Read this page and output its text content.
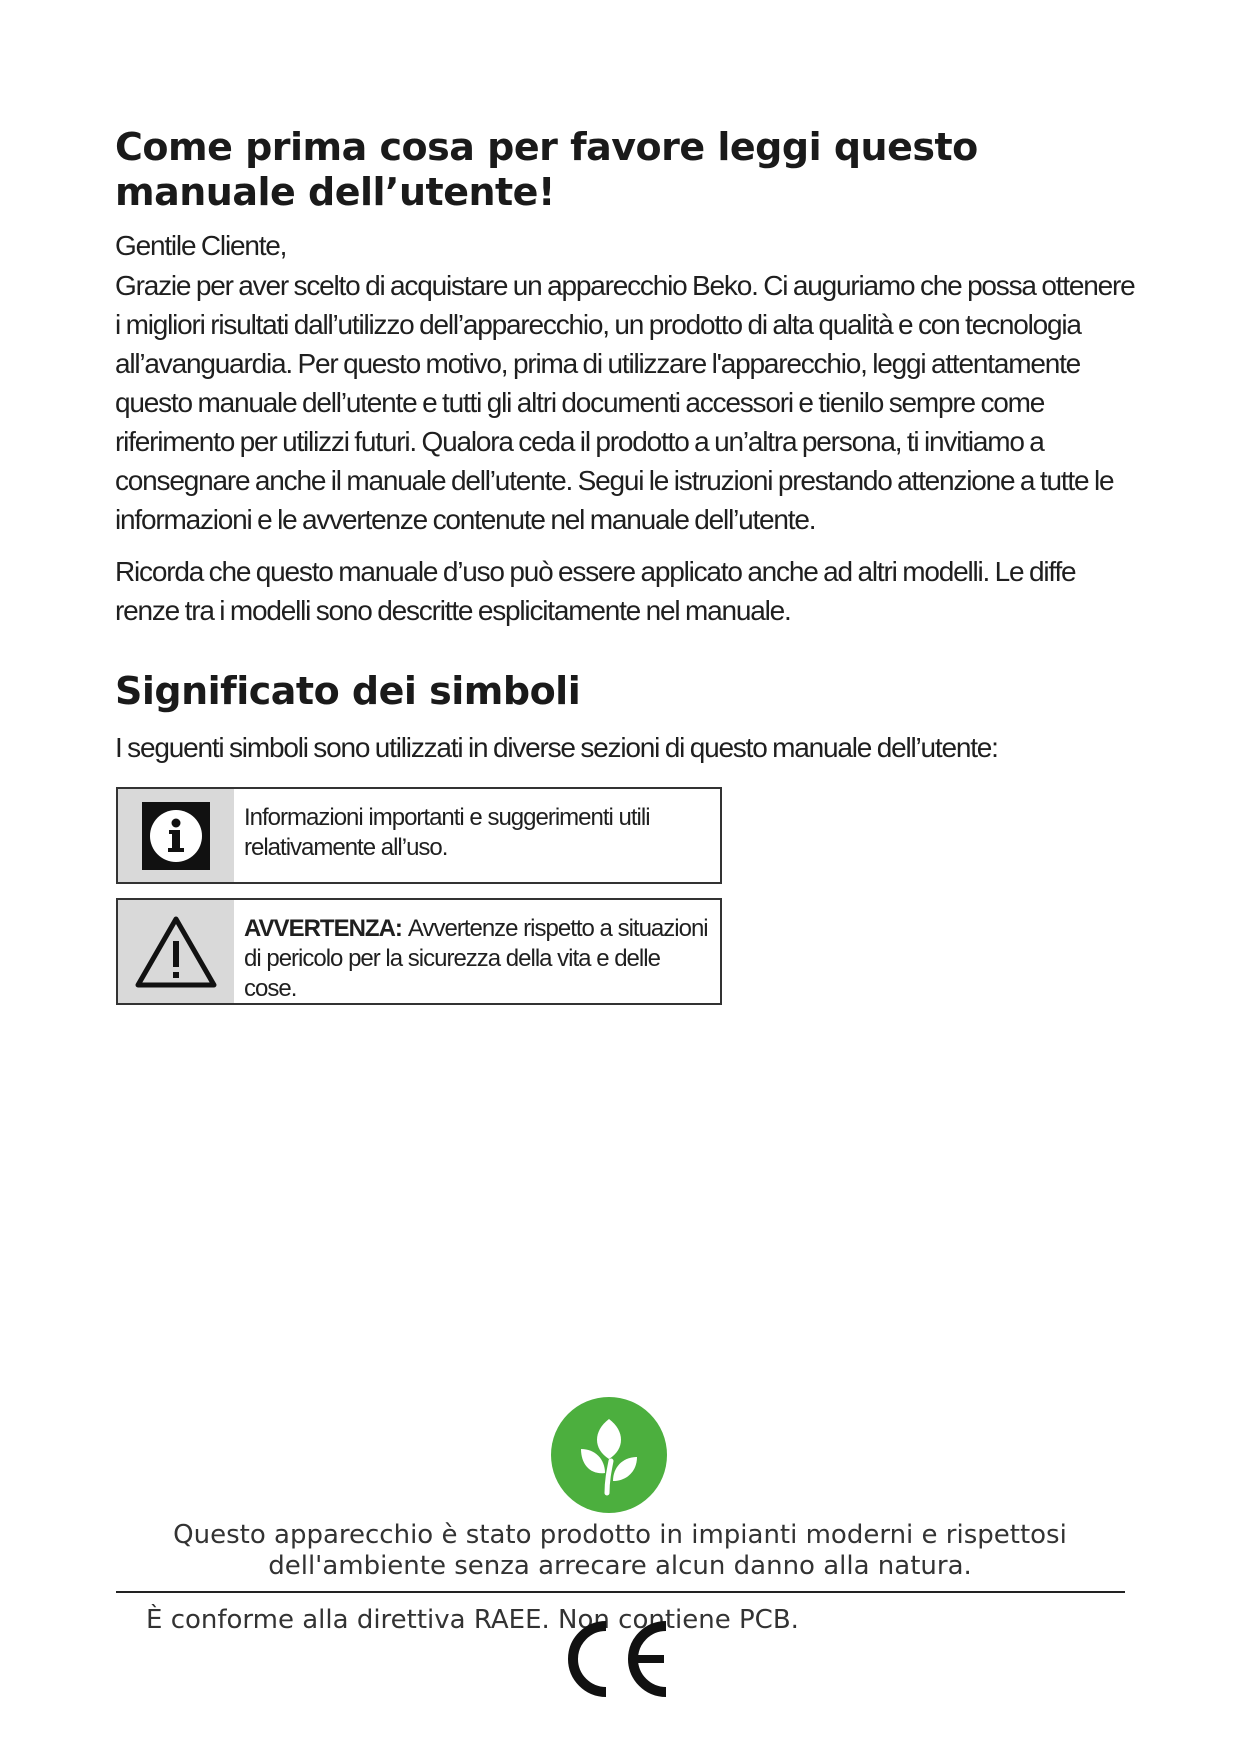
Come prima cosa per favore leggi questo manuale dell’utente!

Gentile Cliente,

Grazie per aver scelto di acquistare un apparecchio Beko. Ci auguriamo che possa ottenere i migliori risultati dall’utilizzo dell’apparecchio, un prodotto di alta qualità e con tecnologia all’avanguardia. Per questo motivo, prima di utilizzare l'apparecchio, leggi attentamente questo manuale dell’utente e tutti gli altri documenti accessori e tienilo sempre come riferimento per utilizzi futuri. Qualora ceda il prodotto a un’altra persona, ti invitiamo a consegnare anche il manuale dell’utente. Segui le istruzioni prestando attenzione a tutte le informazioni e le avvertenze contenute nel manuale dell’utente.

Ricorda che questo manuale d’uso può essere applicato anche ad altri modelli. Le diffe renze tra i modelli sono descritte esplicitamente nel manuale.

Significato dei simboli

I seguenti simboli sono utilizzati in diverse sezioni di questo manuale dell’utente:

Informazioni importanti e suggerimenti utili relativamente all’uso.
AVVERTENZA: Avvertenze rispetto a situazioni di pericolo per la sicurezza della vita e delle cose.

Questo apparecchio è stato prodotto in impianti moderni e rispettosi dell'ambiente senza arrecare alcun danno alla natura.

È conforme alla direttiva RAEE. Non contiene PCB.
